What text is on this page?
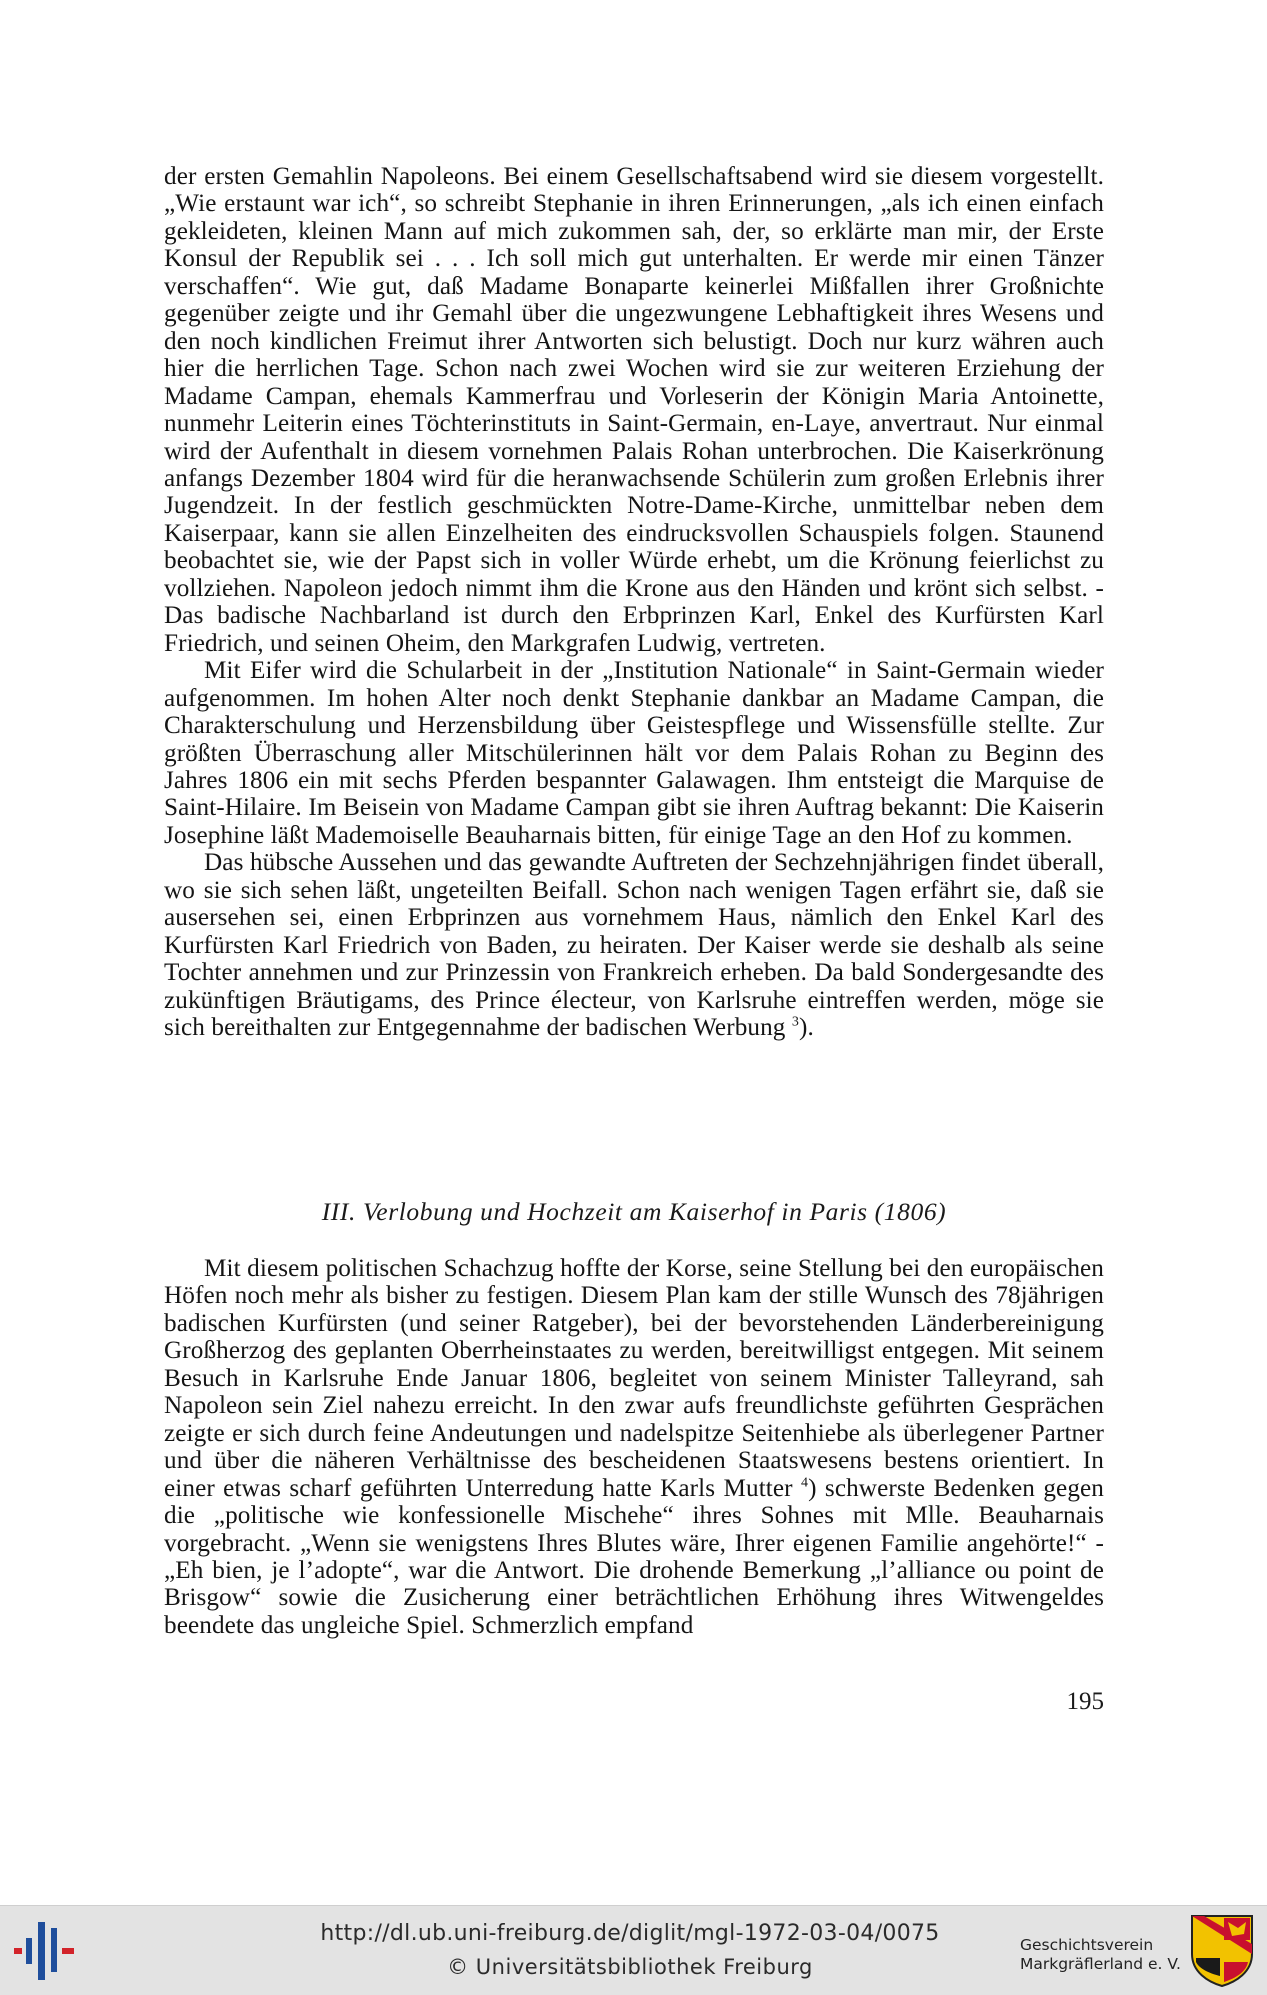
der ersten Gemahlin Napoleons. Bei einem Gesellschaftsabend wird sie diesem vorgestellt. „Wie erstaunt war ich“, so schreibt Stephanie in ihren Erinnerungen, „als ich einen einfach gekleideten, kleinen Mann auf mich zukommen sah, der, so erklärte man mir, der Erste Konsul der Republik sei . . . Ich soll mich gut unterhalten. Er werde mir einen Tänzer verschaffen“. Wie gut, daß Madame Bonaparte keinerlei Mißfallen ihrer Großnichte gegenüber zeigte und ihr Gemahl über die ungezwungene Lebhaftigkeit ihres Wesens und den noch kindlichen Freimut ihrer Antworten sich belustigt. Doch nur kurz währen auch hier die herrlichen Tage. Schon nach zwei Wochen wird sie zur weiteren Erziehung der Madame Campan, ehemals Kammerfrau und Vorleserin der Königin Maria Antoinette, nunmehr Leiterin eines Töchterinstituts in Saint-Germain, en-Laye, anvertraut. Nur einmal wird der Aufenthalt in diesem vornehmen Palais Rohan unterbrochen. Die Kaiserkrönung anfangs Dezember 1804 wird für die heranwachsende Schülerin zum großen Erlebnis ihrer Jugendzeit. In der festlich geschmückten Notre-Dame-Kirche, unmittelbar neben dem Kaiserpaar, kann sie allen Einzelheiten des eindrucksvollen Schauspiels folgen. Staunend beobachtet sie, wie der Papst sich in voller Würde erhebt, um die Krönung feierlichst zu vollziehen. Napoleon jedoch nimmt ihm die Krone aus den Händen und krönt sich selbst. - Das badische Nachbarland ist durch den Erbprinzen Karl, Enkel des Kurfürsten Karl Friedrich, und seinen Oheim, den Markgrafen Ludwig, vertreten.

Mit Eifer wird die Schularbeit in der „Institution Nationale“ in Saint-Germain wieder aufgenommen. Im hohen Alter noch denkt Stephanie dankbar an Madame Campan, die Charakterschulung und Herzensbildung über Geistespflege und Wissensfülle stellte. Zur größten Überraschung aller Mitschülerinnen hält vor dem Palais Rohan zu Beginn des Jahres 1806 ein mit sechs Pferden bespannter Galawagen. Ihm entsteigt die Marquise de Saint-Hilaire. Im Beisein von Madame Campan gibt sie ihren Auftrag bekannt: Die Kaiserin Josephine läßt Mademoiselle Beauharnais bitten, für einige Tage an den Hof zu kommen.

Das hübsche Aussehen und das gewandte Auftreten der Sechzehnjährigen findet überall, wo sie sich sehen läßt, ungeteilten Beifall. Schon nach wenigen Tagen erfährt sie, daß sie ausersehen sei, einen Erbprinzen aus vornehmem Haus, nämlich den Enkel Karl des Kurfürsten Karl Friedrich von Baden, zu heiraten. Der Kaiser werde sie deshalb als seine Tochter annehmen und zur Prinzessin von Frankreich erheben. Da bald Sondergesandte des zukünftigen Bräutigams, des Prince électeur, von Karlsruhe eintreffen werden, möge sie sich bereithalten zur Entgegennahme der badischen Werbung $^3$).

III. Verlobung und Hochzeit am Kaiserhof in Paris (1806)

Mit diesem politischen Schachzug hoffte der Korse, seine Stellung bei den europäischen Höfen noch mehr als bisher zu festigen. Diesem Plan kam der stille Wunsch des 78jährigen badischen Kurfürsten (und seiner Ratgeber), bei der bevorstehenden Länderbereinigung Großherzog des geplanten Oberrheinstaates zu werden, bereitwilligst entgegen. Mit seinem Besuch in Karlsruhe Ende Januar 1806, begleitet von seinem Minister Talleyrand, sah Napoleon sein Ziel nahezu erreicht. In den zwar aufs freundlichste geführten Gesprächen zeigte er sich durch feine Andeutungen und nadelspitze Seitenhiebe als überlegener Partner und über die näheren Verhältnisse des bescheidenen Staatswesens bestens orientiert. In einer etwas scharf geführten Unterredung hatte Karls Mutter $^4$) schwerste Bedenken gegen die „politische wie konfessionelle Mischehe“ ihres Sohnes mit Mlle. Beauharnais vorgebracht. „Wenn sie wenigstens Ihres Blutes wäre, Ihrer eigenen Familie angehörte!“ - „Eh bien, je l’adopte“, war die Antwort. Die drohende Bemerkung „l’alliance ou point de Brisgow“ sowie die Zusicherung einer beträchtlichen Erhöhung ihres Witwengeldes beendete das ungleiche Spiel. Schmerzlich empfand

195
http://dl.ub.uni-freiburg.de/diglit/mgl-1972-03-04/0075
© Universitätsbibliothek Freiburg
Geschichtsverein
Markgräflerland e. V.
